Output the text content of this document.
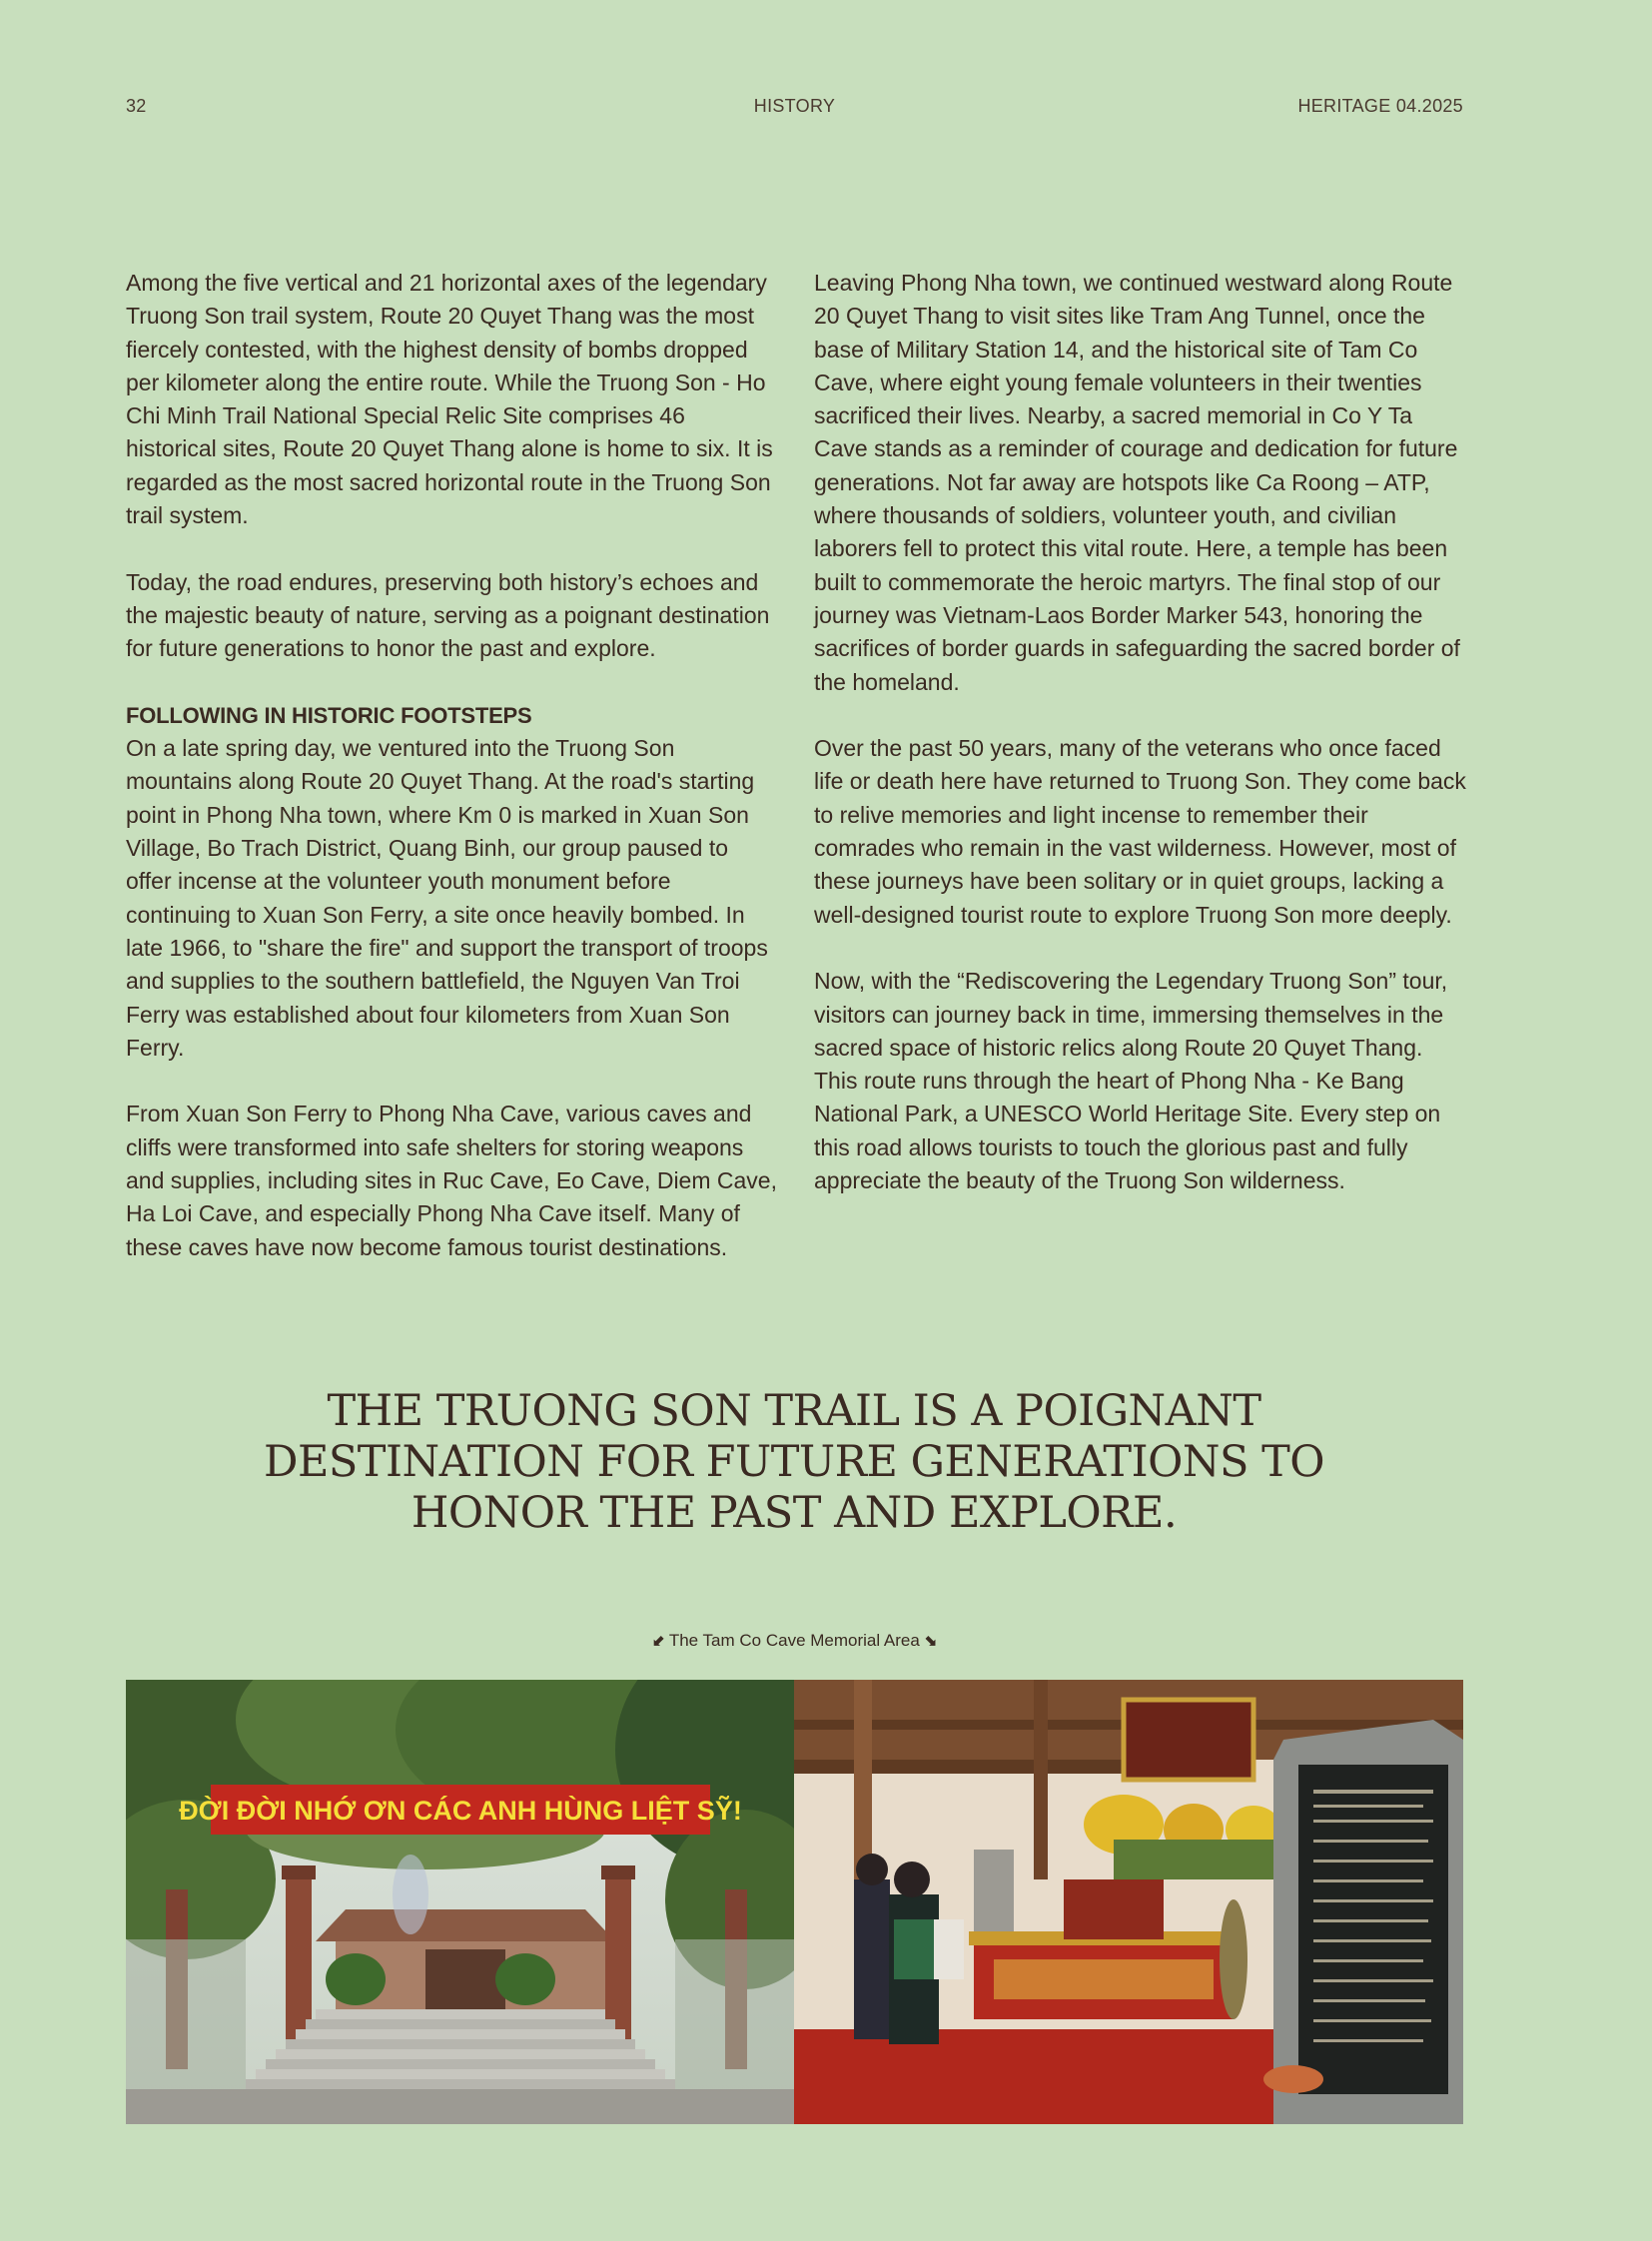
32	HISTORY	HERITAGE 04.2025

Among the five vertical and 21 horizontal axes of the legendary Truong Son trail system, Route 20 Quyet Thang was the most fiercely contested, with the highest density of bombs dropped per kilometer along the entire route. While the Truong Son - Ho Chi Minh Trail National Special Relic Site comprises 46 historical sites, Route 20 Quyet Thang alone is home to six. It is regarded as the most sacred horizontal route in the Truong Son trail system.

Today, the road endures, preserving both history’s echoes and the majestic beauty of nature, serving as a poignant destination for future generations to honor the past and explore.

FOLLOWING IN HISTORIC FOOTSTEPS

On a late spring day, we ventured into the Truong Son mountains along Route 20 Quyet Thang. At the road's starting point in Phong Nha town, where Km 0 is marked in Xuan Son Village, Bo Trach District, Quang Binh, our group paused to offer incense at the volunteer youth monument before continuing to Xuan Son Ferry, a site once heavily bombed. In late 1966, to "share the fire" and support the transport of troops and supplies to the southern battlefield, the Nguyen Van Troi Ferry was established about four kilometers from Xuan Son Ferry.

From Xuan Son Ferry to Phong Nha Cave, various caves and cliffs were transformed into safe shelters for storing weapons and supplies, including sites in Ruc Cave, Eo Cave, Diem Cave, Ha Loi Cave, and especially Phong Nha Cave itself. Many of these caves have now become famous tourist destinations.

Leaving Phong Nha town, we continued westward along Route 20 Quyet Thang to visit sites like Tram Ang Tunnel, once the base of Military Station 14, and the historical site of Tam Co Cave, where eight young female volunteers in their twenties sacrificed their lives. Nearby, a sacred memorial in Co Y Ta Cave stands as a reminder of courage and dedication for future generations. Not far away are hotspots like Ca Roong – ATP, where thousands of soldiers, volunteer youth, and civilian laborers fell to protect this vital route. Here, a temple has been built to commemorate the heroic martyrs. The final stop of our journey was Vietnam-Laos Border Marker 543, honoring the sacrifices of border guards in safeguarding the sacred border of the homeland.

Over the past 50 years, many of the veterans who once faced life or death here have returned to Truong Son. They come back to relive memories and light incense to remember their comrades who remain in the vast wilderness. However, most of these journeys have been solitary or in quiet groups, lacking a well-designed tourist route to explore Truong Son more deeply.

Now, with the “Rediscovering the Legendary Truong Son” tour, visitors can journey back in time, immersing themselves in the sacred space of historic relics along Route 20 Quyet Thang. This route runs through the heart of Phong Nha - Ke Bang National Park, a UNESCO World Heritage Site. Every step on this road allows tourists to touch the glorious past and fully appreciate the beauty of the Truong Son wilderness.

THE TRUONG SON TRAIL IS A POIGNANT
DESTINATION FOR FUTURE GENERATIONS TO
HONOR THE PAST AND EXPLORE.
⬋ The Tam Co Cave Memorial Area ⬊
ĐỜI ĐỜI NHỚ ƠN CÁC ANH HÙNG LIỆT SỸ!
